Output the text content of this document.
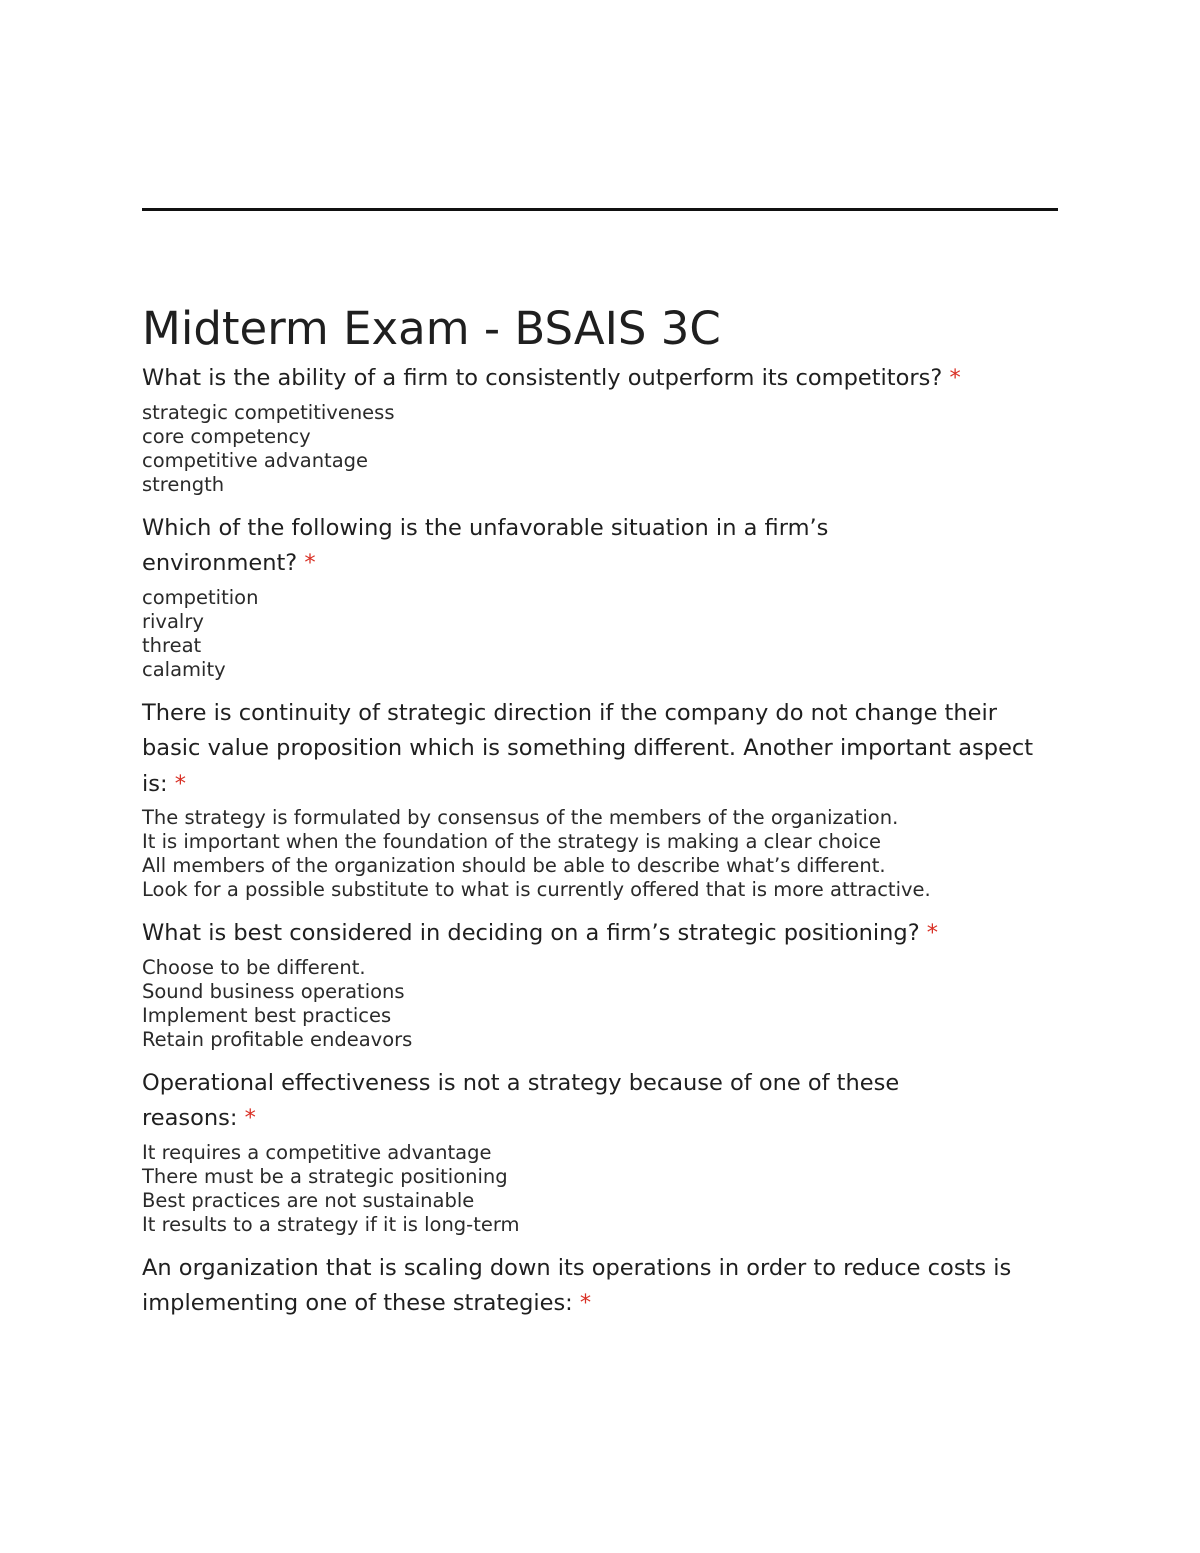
Midterm Exam - BSAIS 3C

What is the ability of a firm to consistently outperform its competitors? *

strategic competitiveness
core competency
competitive advantage
strength

Which of the following is the unfavorable situation in a firm’s environment? *

competition
rivalry
threat
calamity

There is continuity of strategic direction if the company do not change their basic value proposition which is something different. Another important aspect is: *

The strategy is formulated by consensus of the members of the organization.
It is important when the foundation of the strategy is making a clear choice
All members of the organization should be able to describe what’s different.
Look for a possible substitute to what is currently offered that is more attractive.

What is best considered in deciding on a firm’s strategic positioning? *

Choose to be different.
Sound business operations
Implement best practices
Retain profitable endeavors

Operational effectiveness is not a strategy because of one of these reasons: *

It requires a competitive advantage
There must be a strategic positioning
Best practices are not sustainable
It results to a strategy if it is long-term

An organization that is scaling down its operations in order to reduce costs is implementing one of these strategies: *
